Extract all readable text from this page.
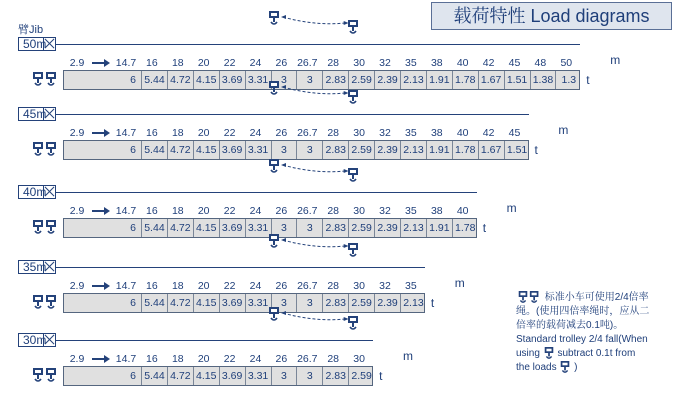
载荷特性 Load diagrams
臂Jib
50m
2.9	14.7 16	18	20	22	24	26 26.7 28	30	32	35	38	40	42	45	48	50	m
6 5.44 4.72 4.15 3.69 3.31	3	3	2.83 2.59 2.39 2.13 1.91 1.78 1.67 1.51 1.38 1.3 t
45m
2.9	14.7 16	18	20	22	24	26 26.7 28	30	32	35	38	40	42	45	m
6 5.44 4.72 4.15 3.69 3.31	3	3	2.83 2.59 2.39 2.13 1.91 1.78 1.67 1.51 t
40m
2.9	14.7 16	18	20	22	24	26 26.7 28	30	32	35	38	40	m
6 5.44 4.72 4.15 3.69 3.31	3	3	2.83 2.59 2.39 2.13 1.91 1.78 t
35m
2.9	14.7 16	18	20	22	24	26 26.7 28	30	32	35	m
6 5.44 4.72 4.15 3.69 3.31	3	3	2.83 2.59 2.39 2.13 t
30m
2.9	14.7 16	18	20	22	24	26 26.7 28	30	m
6 5.44 4.72 4.15 3.69 3.31	3	3	2.83 2.59 t
标准小车可使用2/4倍率
绳。(使用四倍率绳时，应从二
倍率的载荷减去0.1吨)。
Standard trolley 2/4 fall(When
using subtract 0.1t from
the loads )
